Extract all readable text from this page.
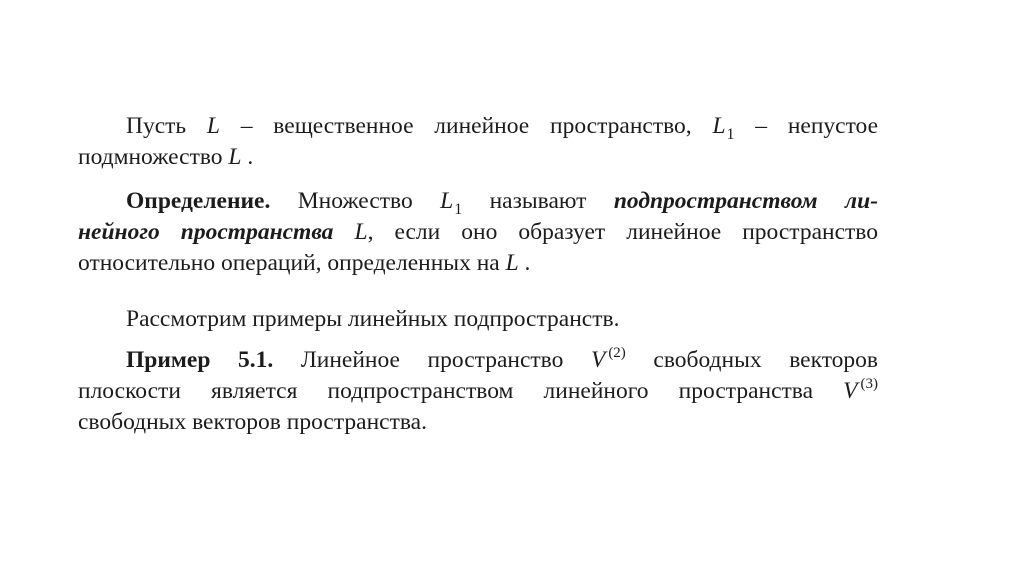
Пусть L – вещественное линейное пространство, $L_1$ – непустое
подмножество L .
Определение. Множество $L_1$ называют подпространством ли-
нейного пространства L, если оно образует линейное пространство
относительно операций, определенных на L .
Рассмотрим примеры линейных подпространств.
Пример 5.1. Линейное пространство V $^{(2)}$ свободных векторов
плоскости является подпространством линейного пространства V $^{(3)}$
свободных векторов пространства.
